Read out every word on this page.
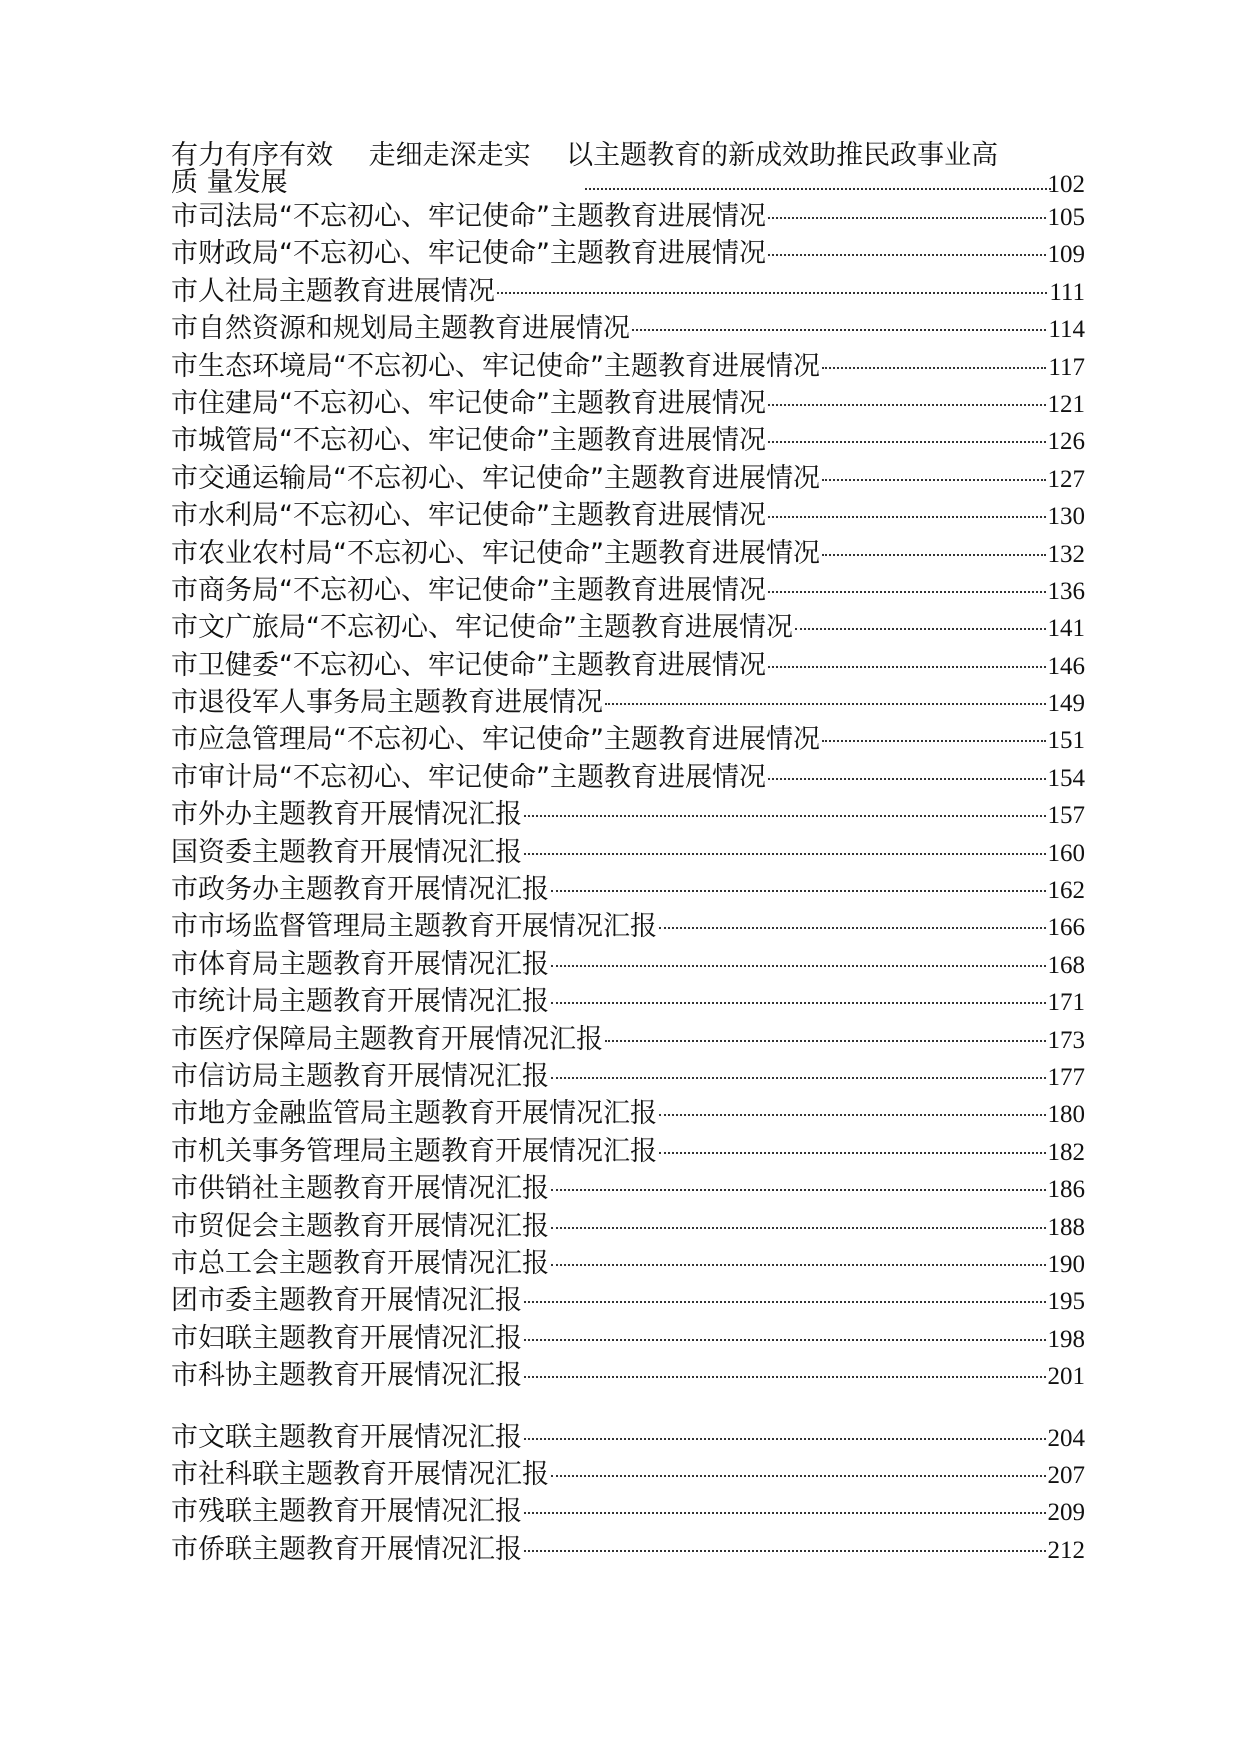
有力有序有效　 走细走深走实　 以主题教育的新成效助推民政事业高
质 量发展	102
市司法局“不忘初心、牢记使命”主题教育进展情况	105
市财政局“不忘初心、牢记使命”主题教育进展情况	109
市人社局主题教育进展情况	111
市自然资源和规划局主题教育进展情况	114
市生态环境局“不忘初心、牢记使命”主题教育进展情况	117
市住建局“不忘初心、牢记使命”主题教育进展情况	121
市城管局“不忘初心、牢记使命”主题教育进展情况	126
市交通运输局“不忘初心、牢记使命”主题教育进展情况	127
市水利局“不忘初心、牢记使命”主题教育进展情况	130
市农业农村局“不忘初心、牢记使命”主题教育进展情况	132
市商务局“不忘初心、牢记使命”主题教育进展情况	136
市文广旅局“不忘初心、牢记使命”主题教育进展情况	141
市卫健委“不忘初心、牢记使命”主题教育进展情况	146
市退役军人事务局主题教育进展情况	149
市应急管理局“不忘初心、牢记使命”主题教育进展情况	151
市审计局“不忘初心、牢记使命”主题教育进展情况	154
市外办主题教育开展情况汇报	157
国资委主题教育开展情况汇报	160
市政务办主题教育开展情况汇报	162
市市场监督管理局主题教育开展情况汇报	166
市体育局主题教育开展情况汇报	168
市统计局主题教育开展情况汇报	171
市医疗保障局主题教育开展情况汇报	173
市信访局主题教育开展情况汇报	177
市地方金融监管局主题教育开展情况汇报	180
市机关事务管理局主题教育开展情况汇报	182
市供销社主题教育开展情况汇报	186
市贸促会主题教育开展情况汇报	188
市总工会主题教育开展情况汇报	190
团市委主题教育开展情况汇报	195
市妇联主题教育开展情况汇报	198
市科协主题教育开展情况汇报	201
市文联主题教育开展情况汇报	204
市社科联主题教育开展情况汇报	207
市残联主题教育开展情况汇报	209
市侨联主题教育开展情况汇报	212
